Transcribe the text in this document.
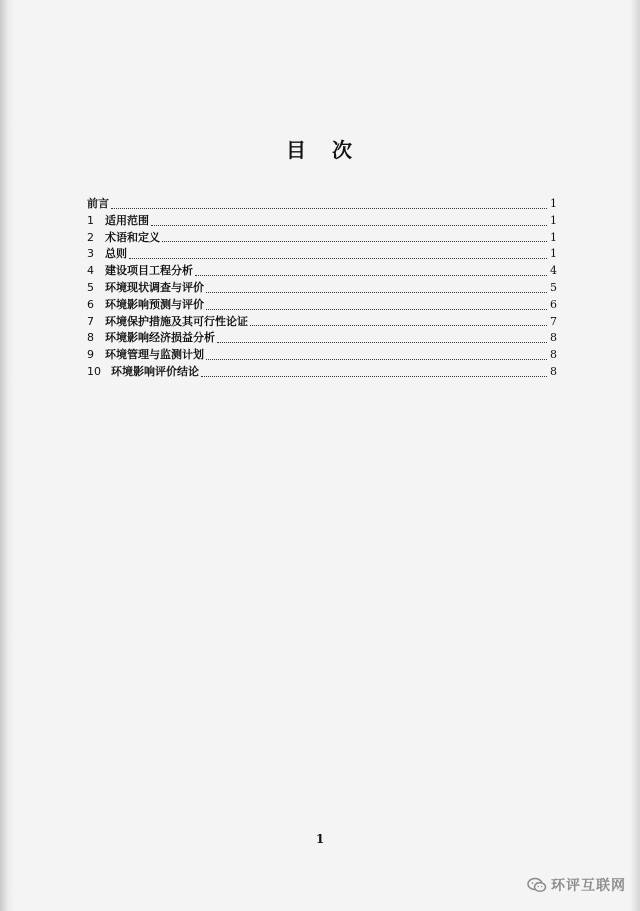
目 次
前言	1
1	适用范围	1
2	术语和定义	1
3	总则	1
4	建设项目工程分析	4
5	环境现状调查与评价	5
6	环境影响预测与评价	6
7	环境保护措施及其可行性论证	7
8	环境影响经济损益分析	8
9	环境管理与监测计划	8
10 环境影响评价结论	8
1
环评互联网
